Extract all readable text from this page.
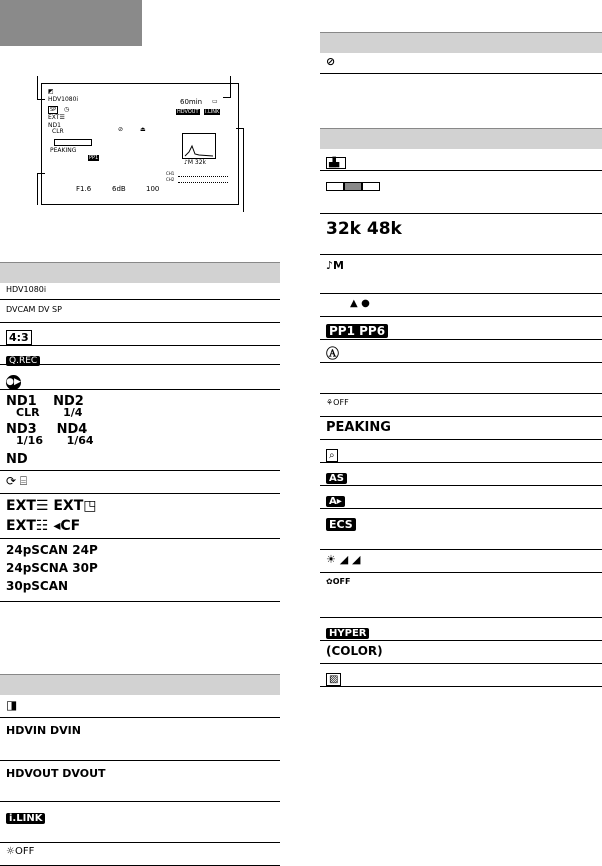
◩
HDV1080i
SP	◷
EXT☰
ND1
CLR
60min ▭
HDVOUT i.LINK
⊘	⏏
PEAKING
PP1
♪M 32k
CH1
CH2
F1.6	6dB	100
HDV1080i
DVCAM DV SP
4:3
Q.REC
●▶
ND1
CLR
ND2
1/4
ND3
1/16
ND4
1/64
ND
⟳ ⌸
EXT☰ EXT◳
EXT☷ ◂CF
24pSCAN 24P
24pSCNA 30P
30pSCAN
◨
HDVIN DVIN
HDVOUT DVOUT
i.LINK
☼OFF
⊘
▟▖
32k 48k
♪M
▲ ●
PP1 PP6
Ⓐ
⚘OFF
PEAKING
⌕
AS
A▸
ECS
☀ ◢ ◢
✿OFF
HYPER
(COLOR)
▨
